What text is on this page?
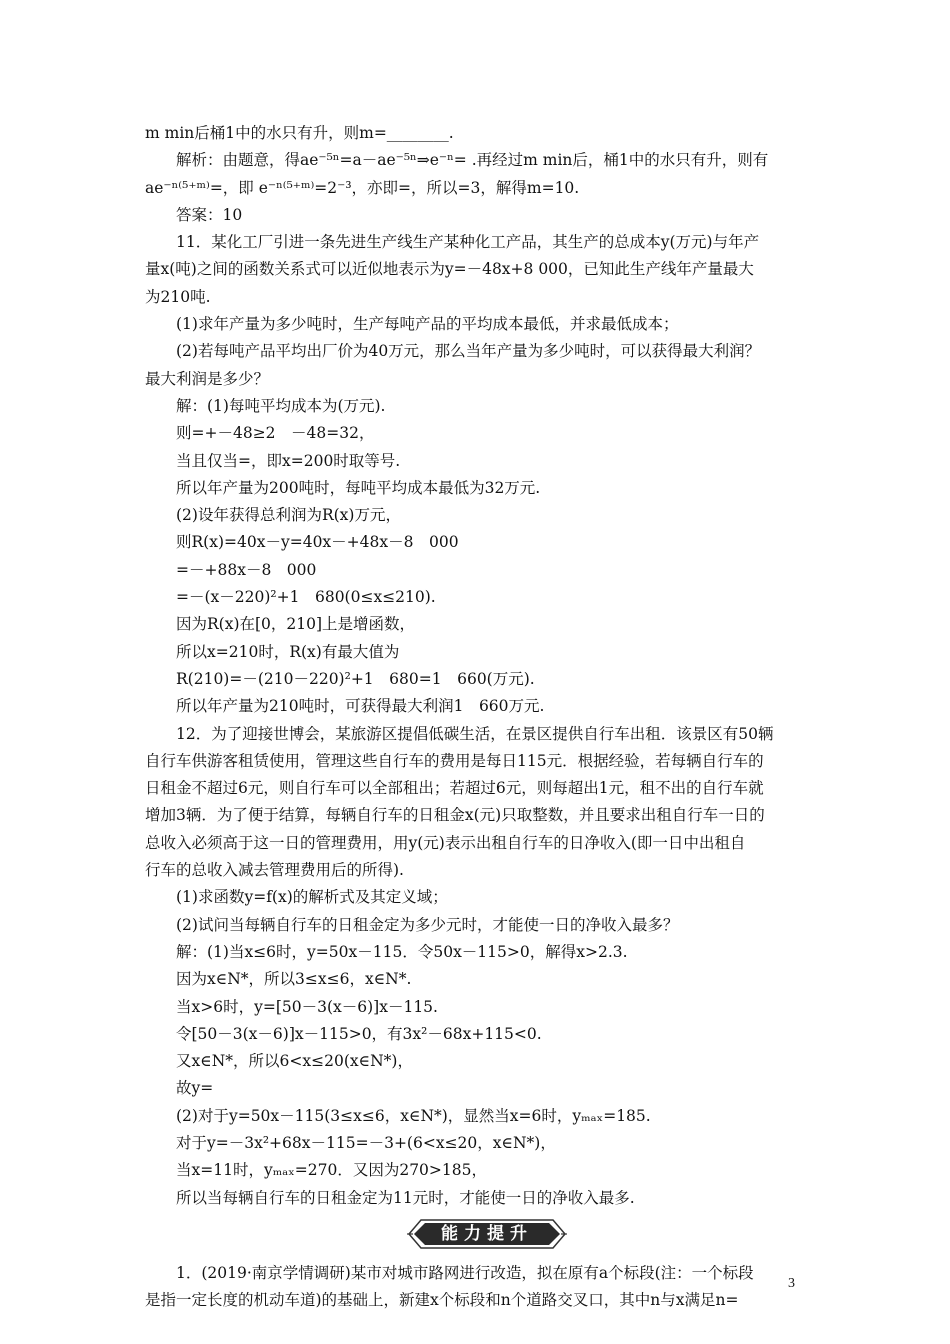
m min后桶1中的水只有升，则m=________.
解析：由题意，得ae⁻⁵ⁿ=a－ae⁻⁵ⁿ⇒e⁻ⁿ= .再经过m min后，桶1中的水只有升，则有
ae⁻ⁿ⁽⁵⁺ᵐ⁾=，即 e⁻ⁿ⁽⁵⁺ᵐ⁾=2⁻³，亦即=，所以=3，解得m=10.
答案：10
11．某化工厂引进一条先进生产线生产某种化工产品，其生产的总成本y(万元)与年产
量x(吨)之间的函数关系式可以近似地表示为y=－48x+8 000，已知此生产线年产量最大
为210吨.
(1)求年产量为多少吨时，生产每吨产品的平均成本最低，并求最低成本；
(2)若每吨产品平均出厂价为40万元，那么当年产量为多少吨时，可以获得最大利润？
最大利润是多少？
解：(1)每吨平均成本为(万元).
则=+－48≥2　－48=32，
当且仅当=，即x=200时取等号.
所以年产量为200吨时，每吨平均成本最低为32万元.
(2)设年获得总利润为R(x)万元，
则R(x)=40x－y=40x－+48x－8　000
=－+88x－8　000
=－(x－220)²+1　680(0≤x≤210).
因为R(x)在[0，210]上是增函数，
所以x=210时，R(x)有最大值为
R(210)=－(210－220)²+1　680=1　660(万元).
所以年产量为210吨时，可获得最大利润1　660万元.
12．为了迎接世博会，某旅游区提倡低碳生活，在景区提供自行车出租．该景区有50辆
自行车供游客租赁使用，管理这些自行车的费用是每日115元．根据经验，若每辆自行车的
日租金不超过6元，则自行车可以全部租出；若超过6元，则每超出1元，租不出的自行车就
增加3辆．为了便于结算，每辆自行车的日租金x(元)只取整数，并且要求出租自行车一日的
总收入必须高于这一日的管理费用，用y(元)表示出租自行车的日净收入(即一日中出租自
行车的总收入减去管理费用后的所得).
(1)求函数y=f(x)的解析式及其定义域；
(2)试问当每辆自行车的日租金定为多少元时，才能使一日的净收入最多？
解：(1)当x≤6时，y=50x－115．令50x－115>0，解得x>2.3.
因为x∈N*，所以3≤x≤6，x∈N*.
当x>6时，y=[50－3(x－6)]x－115.
令[50－3(x－6)]x－115>0，有3x²－68x+115<0.
又x∈N*，所以6<x≤20(x∈N*)，
故y=
(2)对于y=50x－115(3≤x≤6，x∈N*)，显然当x=6时，yₘₐₓ=185.
对于y=－3x²+68x－115=－3+(6<x≤20，x∈N*)，
当x=11时，yₘₐₓ=270．又因为270>185，
所以当每辆自行车的日租金定为11元时，才能使一日的净收入最多.
能力提升
1．(2019·南京学情调研)某市对城市路网进行改造，拟在原有a个标段(注：一个标段
是指一定长度的机动车道)的基础上，新建x个标段和n个道路交叉口，其中n与x满足n=
3
